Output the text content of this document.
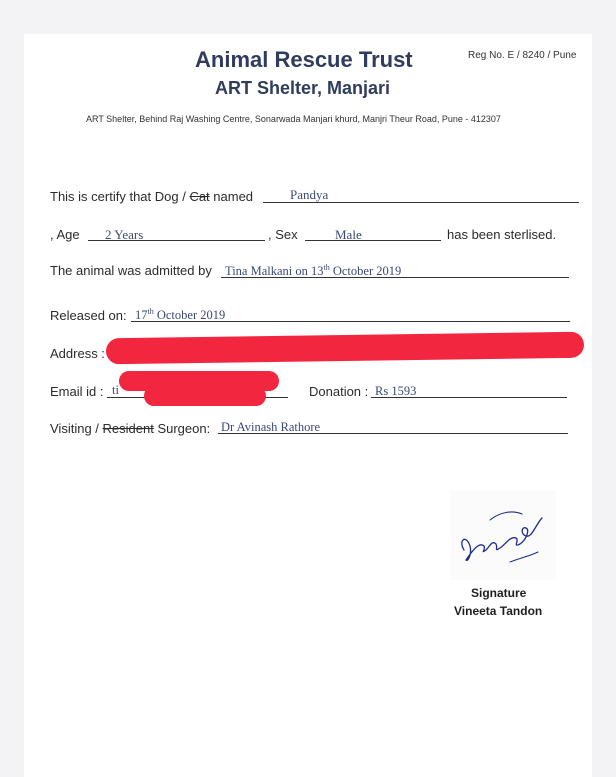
Animal Rescue Trust
ART Shelter, Manjari
Reg No. E / 8240 / Pune
ART Shelter, Behind Raj Washing Centre, Sonarwada Manjari khurd, Manjri Theur Road, Pune - 412307
This is certify that Dog / Cat named	Pandya
, Age 2 Years	, Sex	Male	has been sterlised.
The animal was admitted by Tina Malkani on 13th October 2019
Released on: 17th October 2019
Address :
Email id : ti	Donation : Rs 1593
Visiting / Resident Surgeon: Dr Avinash Rathore
Signature
Vineeta Tandon
